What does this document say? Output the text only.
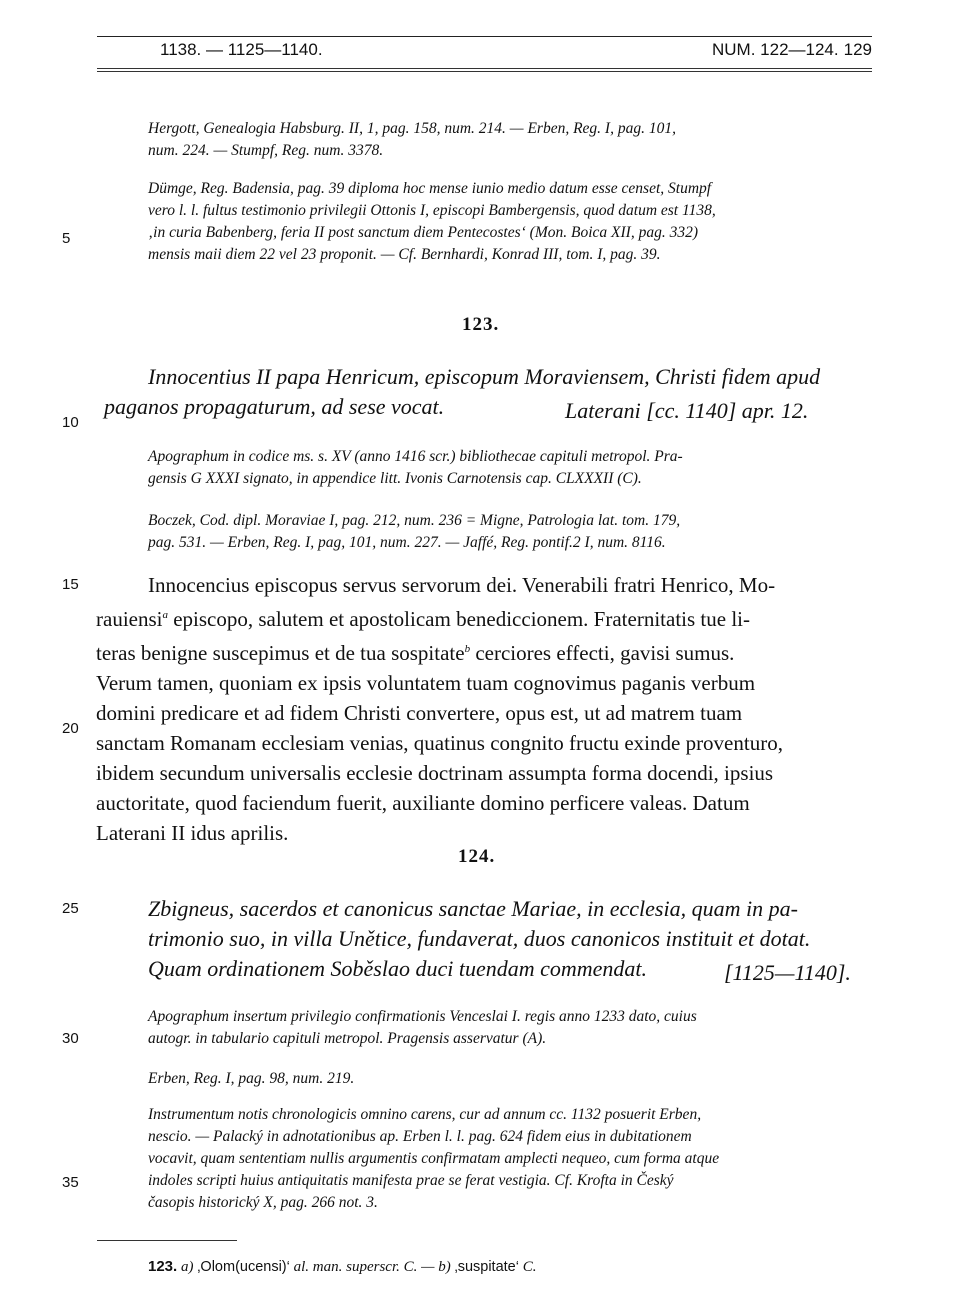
1138. — 1125—1140.	NUM. 122—124. 129
Hergott, Genealogia Habsburg. II, 1, pag. 158, num. 214. — Erben, Reg. I, pag. 101,
num. 224. — Stumpf, Reg. num. 3378.
Dümge, Reg. Badensia, pag. 39 diploma hoc mense iunio medio datum esse censet, Stumpf
vero l. l. fultus testimonio privilegii Ottonis I, episcopi Bambergensis, quod datum est 1138,
‚in curia Babenberg, feria II post sanctum diem Pentecostes‘ (Mon. Boica XII, pag. 332)
mensis maii diem 22 vel 23 proponit. — Cf. Bernhardi, Konrad III, tom. I, pag. 39.
5
10
15
20
25
30
35
123.
Innocentius II papa Henricum, episcopum Moraviensem, Christi fidem apud
paganos propagaturum, ad sese vocat.	Laterani [cc. 1140] apr. 12.
Apographum in codice ms. s. XV (anno 1416 scr.) bibliothecae capituli metropol. Pra-
gensis G XXXI signato, in appendice litt. Ivonis Carnotensis cap. CLXXXII (C).
Boczek, Cod. dipl. Moraviae I, pag. 212, num. 236 = Migne, Patrologia lat. tom. 179,
pag. 531. — Erben, Reg. I, pag, 101, num. 227. — Jaffé, Reg. pontif.2 I, num. 8116.
Innocencius episcopus servus servorum dei. Venerabili fratri Henrico, Mo-
rauiensi$^a$ episcopo, salutem et apostolicam benediccionem. Fraternitatis tue li-
teras benigne suscepimus et de tua sospitate$^b$ cerciores effecti, gavisi sumus.
Verum tamen, quoniam ex ipsis voluntatem tuam cognovimus paganis verbum
domini predicare et ad fidem Christi convertere, opus est, ut ad matrem tuam
sanctam Romanam ecclesiam venias, quatinus congnito fructu exinde proventuro,
ibidem secundum universalis ecclesie doctrinam assumpta forma docendi, ipsius
auctoritate, quod faciendum fuerit, auxiliante domino perficere valeas. Datum
Laterani II idus aprilis.
124.
Zbigneus, sacerdos et canonicus sanctae Mariae, in ecclesia, quam in pa-
trimonio suo, in villa Unětice, fundaverat, duos canonicos instituit et dotat.
Quam ordinationem Soběslao duci tuendam commendat.	[1125—1140].
Apographum insertum privilegio confirmationis Venceslai I. regis anno 1233 dato, cuius
autogr. in tabulario capituli metropol. Pragensis asservatur (A).
Erben, Reg. I, pag. 98, num. 219.
Instrumentum notis chronologicis omnino carens, cur ad annum cc. 1132 posuerit Erben,
nescio. — Palacký in adnotationibus ap. Erben l. l. pag. 624 fidem eius in dubitationem
vocavit, quam sententiam nullis argumentis confirmatam amplecti nequeo, cum forma atque
indoles scripti huius antiquitatis manifesta prae se ferat vestigia. Cf. Krofta in Český
časopis historický X, pag. 266 not. 3.
123. a) ‚Olom(ucensi)‘ al. man. superscr. C. — b) ‚suspitate‘ C.
